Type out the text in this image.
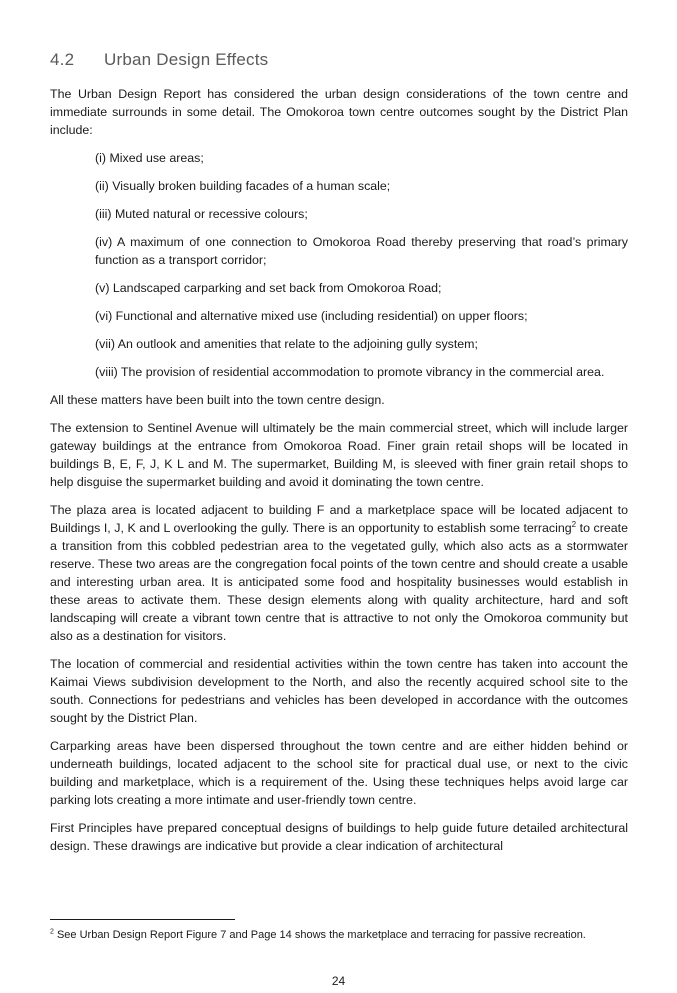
4.2 Urban Design Effects

The Urban Design Report has considered the urban design considerations of the town centre and immediate surrounds in some detail. The Omokoroa town centre outcomes sought by the District Plan include:

(i) Mixed use areas;
(ii) Visually broken building facades of a human scale;
(iii) Muted natural or recessive colours;
(iv) A maximum of one connection to Omokoroa Road thereby preserving that road’s primary function as a transport corridor;
(v) Landscaped carparking and set back from Omokoroa Road;
(vi) Functional and alternative mixed use (including residential) on upper floors;
(vii) An outlook and amenities that relate to the adjoining gully system;
(viii) The provision of residential accommodation to promote vibrancy in the commercial area.

All these matters have been built into the town centre design.

The extension to Sentinel Avenue will ultimately be the main commercial street, which will include larger gateway buildings at the entrance from Omokoroa Road. Finer grain retail shops will be located in buildings B, E, F, J, K L and M. The supermarket, Building M, is sleeved with finer grain retail shops to help disguise the supermarket building and avoid it dominating the town centre.

The plaza area is located adjacent to building F and a marketplace space will be located adjacent to Buildings I, J, K and L overlooking the gully. There is an opportunity to establish some terracing$^2$ to create a transition from this cobbled pedestrian area to the vegetated gully, which also acts as a stormwater reserve. These two areas are the congregation focal points of the town centre and should create a usable and interesting urban area. It is anticipated some food and hospitality businesses would establish in these areas to activate them. These design elements along with quality architecture, hard and soft landscaping will create a vibrant town centre that is attractive to not only the Omokoroa community but also as a destination for visitors.

The location of commercial and residential activities within the town centre has taken into account the Kaimai Views subdivision development to the North, and also the recently acquired school site to the south. Connections for pedestrians and vehicles has been developed in accordance with the outcomes sought by the District Plan.

Carparking areas have been dispersed throughout the town centre and are either hidden behind or underneath buildings, located adjacent to the school site for practical dual use, or next to the civic building and marketplace, which is a requirement of the. Using these techniques helps avoid large car parking lots creating a more intimate and user-friendly town centre.

First Principles have prepared conceptual designs of buildings to help guide future detailed architectural design. These drawings are indicative but provide a clear indication of architectural

$^2$ See Urban Design Report Figure 7 and Page 14 shows the marketplace and terracing for passive recreation.
24
